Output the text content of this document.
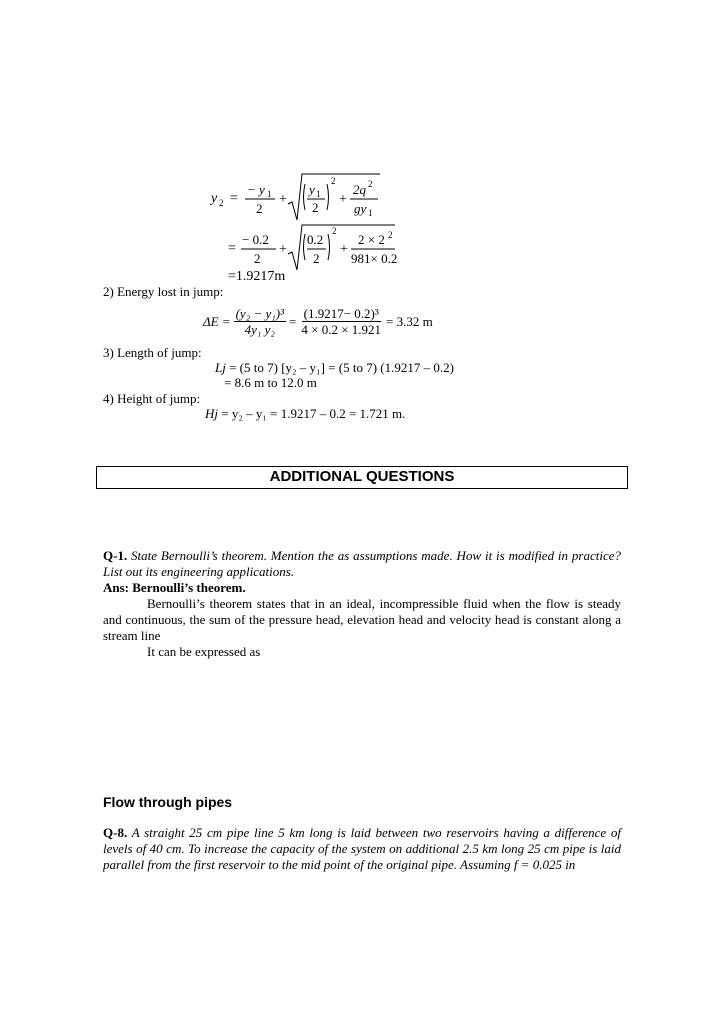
y 2 =
− y 1
2
+
y 1
2
2
+
2q 2
gy 1
=
− 0.2
2
+
0.2
2
2
+
2 × 2 2
981× 0.2
=1.9217m
2) Energy lost in jump:
$\Delta E = \frac{\text{(y₂ − y₁)³}}{\text{4y₁ y₂}} = \frac{\text{(1.9217− 0.2)³}}{4 \times 0.2 \times 1.921} = 3.32$ m
3) Length of jump:
Lj = (5 to 7) [y₂ – y₁] = (5 to 7) (1.9217 – 0.2)
= 8.6 m to 12.0 m
4) Height of jump:
Hj = y₂ – y₁ = 1.9217 – 0.2 = 1.721 m.
ADDITIONAL QUESTIONS
Q-1. State Bernoulli’s theorem. Mention the as assumptions made. How it is modified in practice? List out its engineering applications.
Ans: Bernoulli’s theorem.
Bernoulli’s theorem states that in an ideal, incompressible fluid when the flow is steady and continuous, the sum of the pressure head, elevation head and velocity head is constant along a stream line
It can be expressed as
Flow through pipes
Q-8. A straight 25 cm pipe line 5 km long is laid between two reservoirs having a difference of levels of 40 cm. To increase the capacity of the system on additional 2.5 km long 25 cm pipe is laid parallel from the first reservoir to the mid point of the original pipe. Assuming f = 0.025 in
